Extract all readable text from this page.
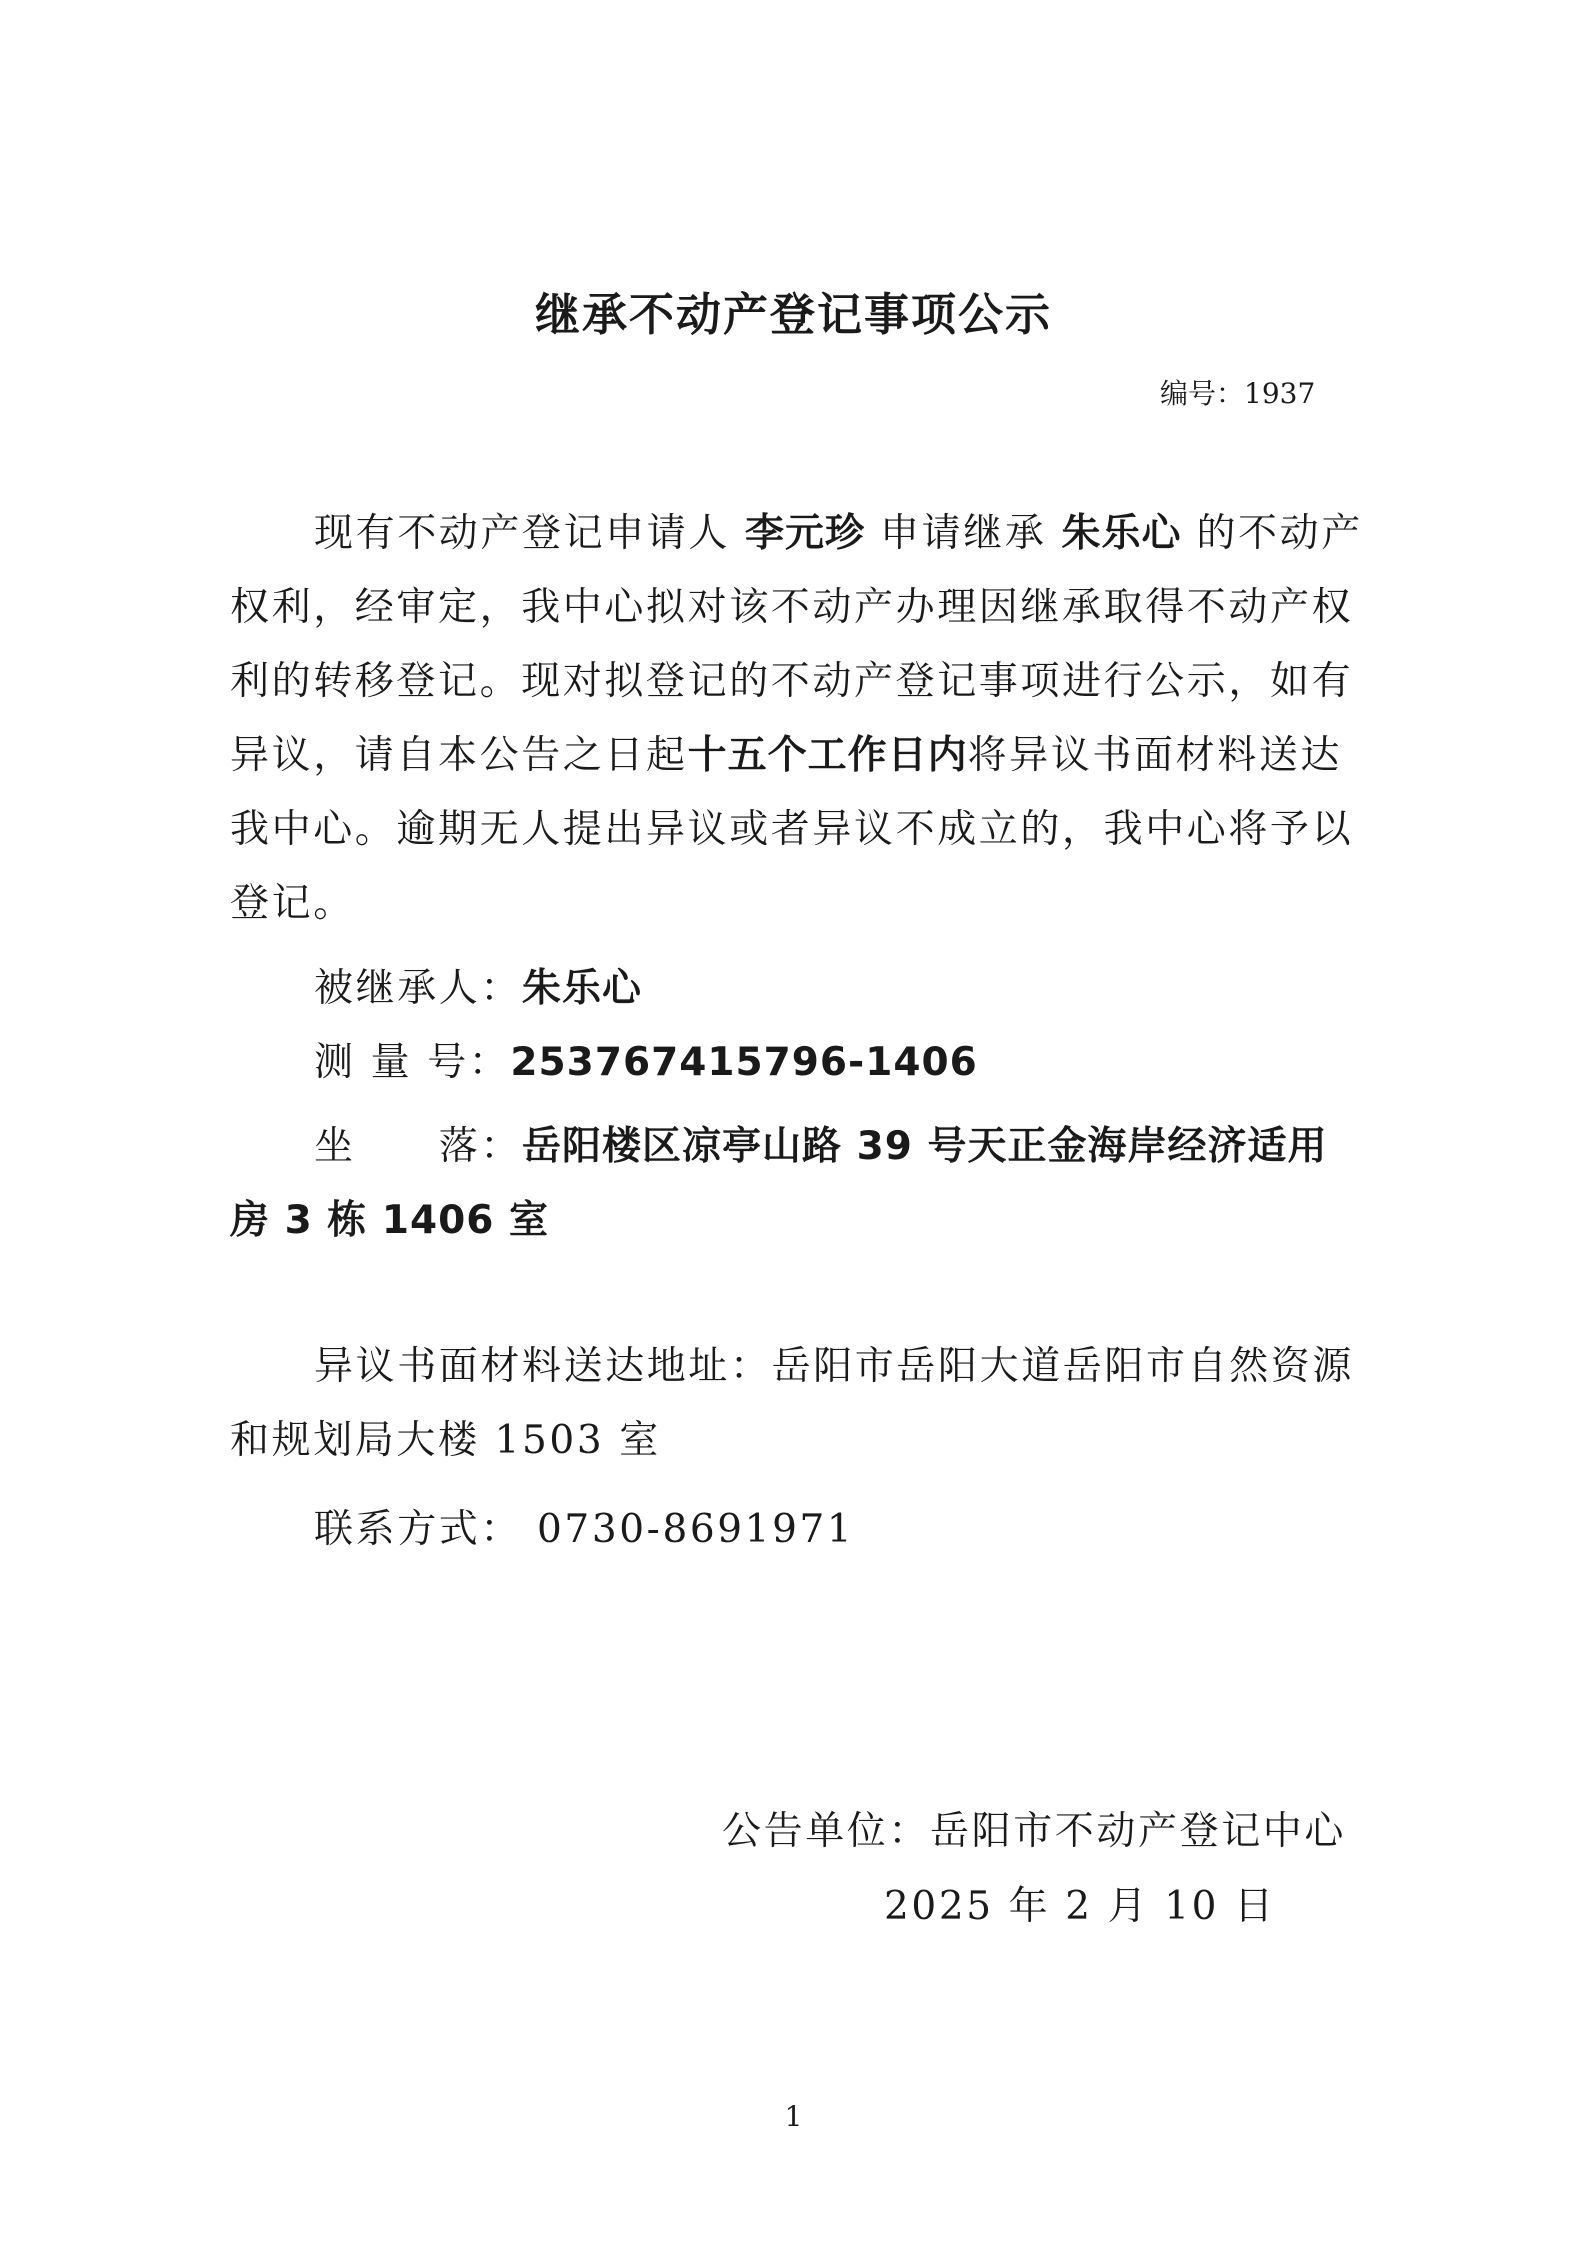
继承不动产登记事项公示
编号：1937
现有不动产登记申请人 李元珍 申请继承 朱乐心 的不动产权利，经审定，我中心拟对该不动产办理因继承取得不动产权利的转移登记。现对拟登记的不动产登记事项进行公示，如有异议，请自本公告之日起十五个工作日内将异议书面材料送达我中心。逾期无人提出异议或者异议不成立的，我中心将予以登记。
被继承人：朱乐心
测 量 号：253767415796-1406
坐　　落：岳阳楼区凉亭山路 39 号天正金海岸经济适用房 3 栋 1406 室
异议书面材料送达地址：岳阳市岳阳大道岳阳市自然资源和规划局大楼 1503 室
联系方式： 0730-8691971
公告单位：岳阳市不动产登记中心
2025 年 2 月 10 日
1
